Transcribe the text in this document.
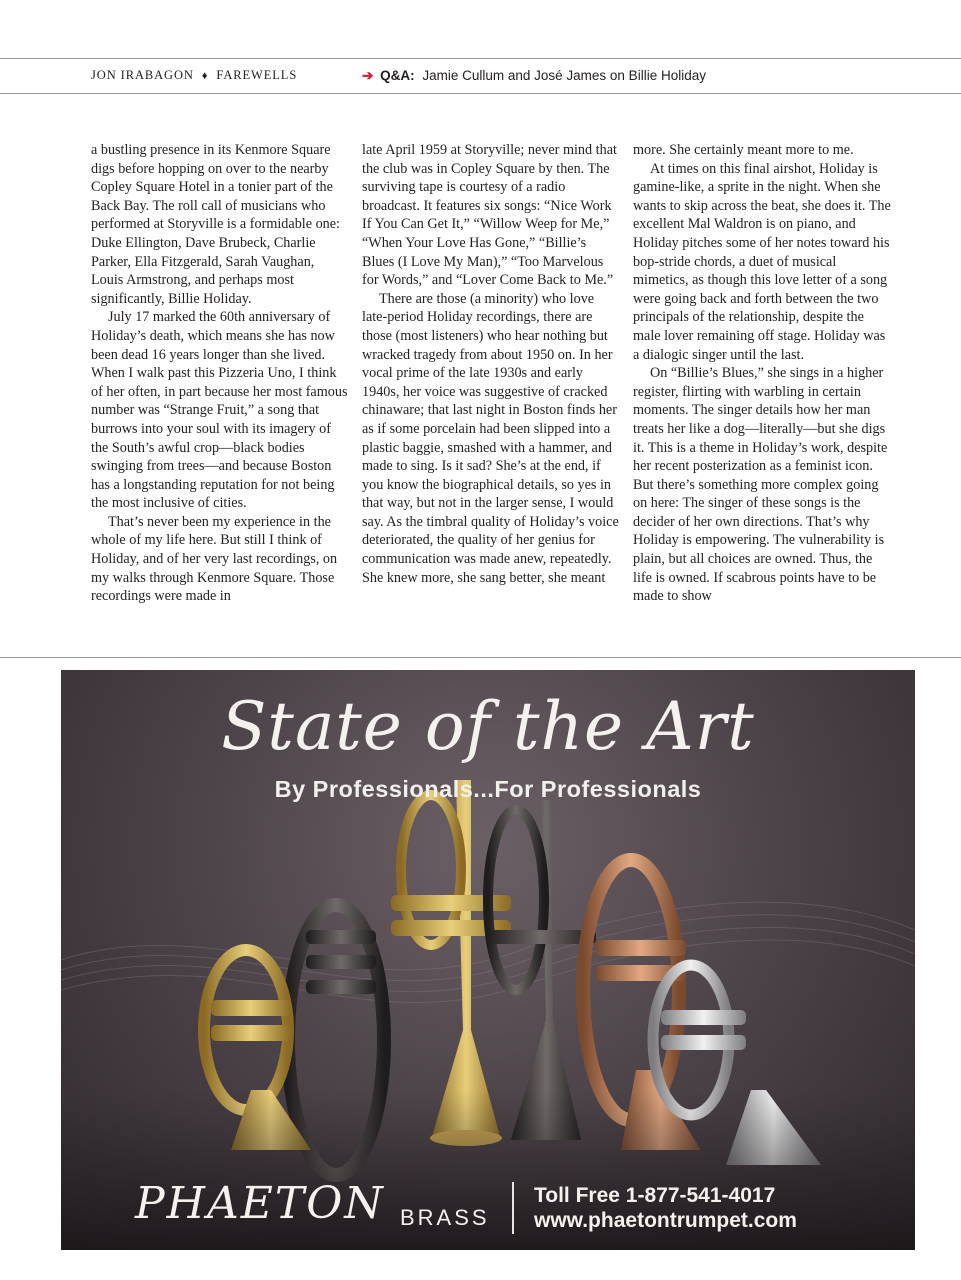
JON IRABAGON ♦ FAREWELLS	➔ Q&A: Jamie Cullum and José James on Billie Holiday

a bustling presence in its Kenmore Square digs before hopping on over to the nearby Copley Square Hotel in a tonier part of the Back Bay. The roll call of musicians who performed at Storyville is a formidable one: Duke Ellington, Dave Brubeck, Charlie Parker, Ella Fitzgerald, Sarah Vaughan, Louis Armstrong, and perhaps most significantly, Billie Holiday.

July 17 marked the 60th anniversary of Holiday’s death, which means she has now been dead 16 years longer than she lived. When I walk past this Pizzeria Uno, I think of her often, in part because her most famous number was “Strange Fruit,” a song that burrows into your soul with its imagery of the South’s awful crop—black bodies swinging from trees—and because Boston has a longstanding reputation for not being the most inclusive of cities.

That’s never been my experience in the whole of my life here. But still I think of Holiday, and of her very last recordings, on my walks through Kenmore Square. Those recordings were made in

late April 1959 at Storyville; never mind that the club was in Copley Square by then. The surviving tape is courtesy of a radio broadcast. It features six songs: “Nice Work If You Can Get It,” “Willow Weep for Me,” “When Your Love Has Gone,” “Billie’s Blues (I Love My Man),” “Too Marvelous for Words,” and “Lover Come Back to Me.”

There are those (a minority) who love late-period Holiday recordings, there are those (most listeners) who hear nothing but wracked tragedy from about 1950 on. In her vocal prime of the late 1930s and early 1940s, her voice was suggestive of cracked chinaware; that last night in Boston finds her as if some porcelain had been slipped into a plastic baggie, smashed with a hammer, and made to sing. Is it sad? She’s at the end, if you know the biographical details, so yes in that way, but not in the larger sense, I would say. As the timbral quality of Holiday’s voice deteriorated, the quality of her genius for communication was made anew, repeatedly. She knew more, she sang better, she meant

more. She certainly meant more to me.

At times on this final airshot, Holiday is gamine-like, a sprite in the night. When she wants to skip across the beat, she does it. The excellent Mal Waldron is on piano, and Holiday pitches some of her notes toward his bop-stride chords, a duet of musical mimetics, as though this love letter of a song were going back and forth between the two principals of the relationship, despite the male lover remaining off stage. Holiday was a dialogic singer until the last.

On “Billie’s Blues,” she sings in a higher register, flirting with warbling in certain moments. The singer details how her man treats her like a dog—literally—but she digs it. This is a theme in Holiday’s work, despite her recent posterization as a feminist icon. But there’s something more complex going on here: The singer of these songs is the decider of her own directions. That’s why Holiday is empowering. The vulnerability is plain, but all choices are owned. Thus, the life is owned. If scabrous points have to be made to show

State of the Art
By Professionals...For Professionals
PHAETON BRASS
Toll Free 1-877-541-4017
www.phaetontrumpet.com
